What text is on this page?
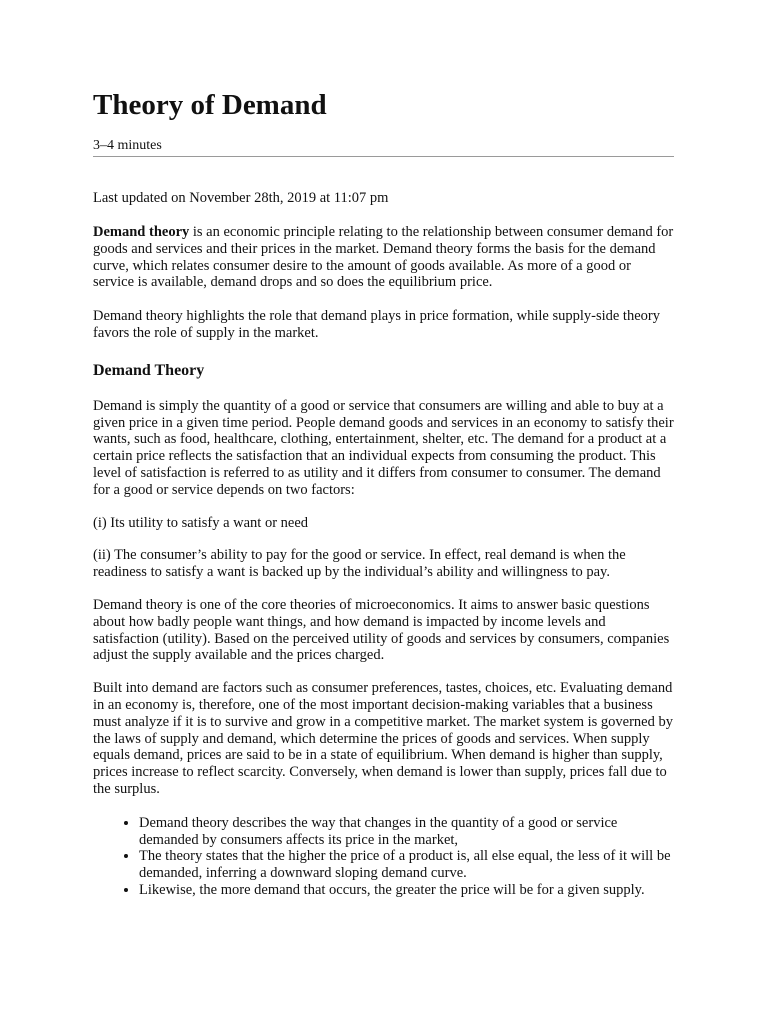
Theory of Demand
3–4 minutes
Last updated on November 28th, 2019 at 11:07 pm

Demand theory is an economic principle relating to the relationship between consumer demand for goods and services and their prices in the market. Demand theory forms the basis for the demand curve, which relates consumer desire to the amount of goods available. As more of a good or service is available, demand drops and so does the equilibrium price.

Demand theory highlights the role that demand plays in price formation, while supply-side theory favors the role of supply in the market.

Demand Theory

Demand is simply the quantity of a good or service that consumers are willing and able to buy at a given price in a given time period. People demand goods and services in an economy to satisfy their wants, such as food, healthcare, clothing, entertainment, shelter, etc. The demand for a product at a certain price reflects the satisfaction that an individual expects from consuming the product. This level of satisfaction is referred to as utility and it differs from consumer to consumer. The demand for a good or service depends on two factors:

(i) Its utility to satisfy a want or need

(ii) The consumer’s ability to pay for the good or service. In effect, real demand is when the readiness to satisfy a want is backed up by the individual’s ability and willingness to pay.

Demand theory is one of the core theories of microeconomics. It aims to answer basic questions about how badly people want things, and how demand is impacted by income levels and satisfaction (utility). Based on the perceived utility of goods and services by consumers, companies adjust the supply available and the prices charged.

Built into demand are factors such as consumer preferences, tastes, choices, etc. Evaluating demand in an economy is, therefore, one of the most important decision-making variables that a business must analyze if it is to survive and grow in a competitive market. The market system is governed by the laws of supply and demand, which determine the prices of goods and services. When supply equals demand, prices are said to be in a state of equilibrium. When demand is higher than supply, prices increase to reflect scarcity. Conversely, when demand is lower than supply, prices fall due to the surplus.

• Demand theory describes the way that changes in the quantity of a good or service demanded by consumers affects its price in the market,
• The theory states that the higher the price of a product is, all else equal, the less of it will be demanded, inferring a downward sloping demand curve.
• Likewise, the more demand that occurs, the greater the price will be for a given supply.
